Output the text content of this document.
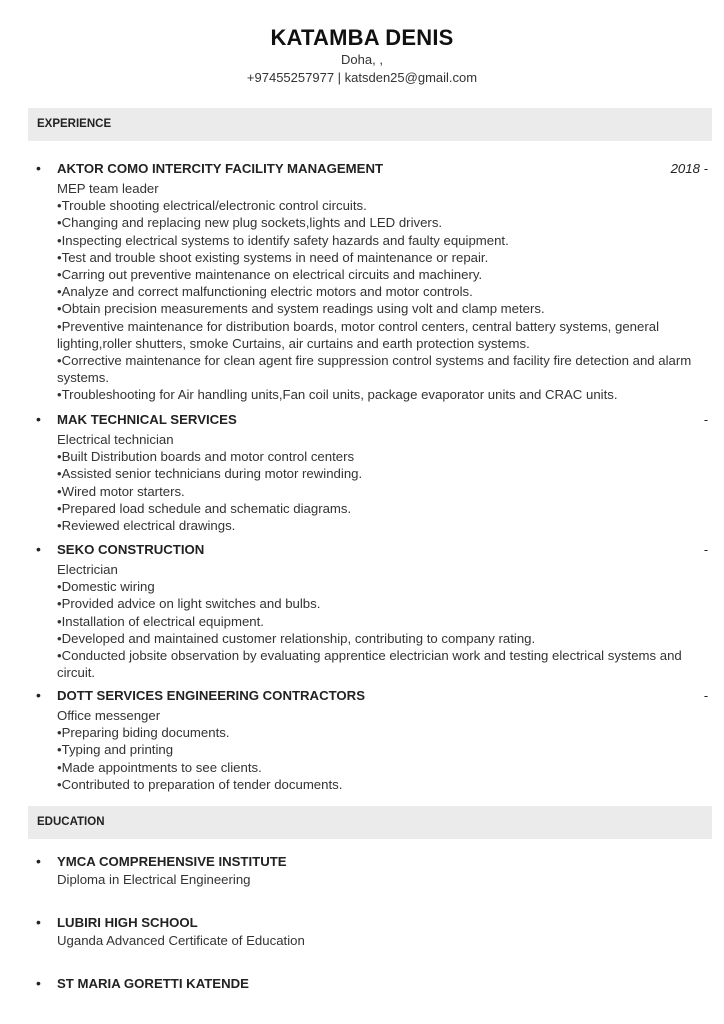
KATAMBA DENIS
Doha, ,
+97455257977 | katsden25@gmail.com
EXPERIENCE
• AKTOR COMO INTERCITY FACILITY MANAGEMENT	2018 -
MEP team leader
•Trouble shooting electrical/electronic control circuits.
•Changing and replacing new plug sockets,lights and LED drivers.
•Inspecting electrical systems to identify safety hazards and faulty equipment.
•Test and trouble shoot existing systems in need of maintenance or repair.
•Carring out preventive maintenance on electrical circuits and machinery.
•Analyze and correct malfunctioning electric motors and motor controls.
•Obtain precision measurements and system readings using volt and clamp meters.
•Preventive maintenance for distribution boards, motor control centers, central battery systems, general lighting,roller shutters, smoke Curtains, air curtains and earth protection systems.
•Corrective maintenance for clean agent fire suppression control systems and facility fire detection and alarm systems.
•Troubleshooting for Air handling units,Fan coil units, package evaporator units and CRAC units.
• MAK TECHNICAL SERVICES	-
Electrical technician
•Built Distribution boards and motor control centers
•Assisted senior technicians during motor rewinding.
•Wired motor starters.
•Prepared load schedule and schematic diagrams.
•Reviewed electrical drawings.
• SEKO CONSTRUCTION	-
Electrician
•Domestic wiring
•Provided advice on light switches and bulbs.
•Installation of electrical equipment.
•Developed and maintained customer relationship, contributing to company rating.
•Conducted jobsite observation by evaluating apprentice electrician work and testing electrical systems and circuit.
• DOTT SERVICES ENGINEERING CONTRACTORS	-
Office messenger
•Preparing biding documents.
•Typing and printing
•Made appointments to see clients.
•Contributed to preparation of tender documents.
EDUCATION
• YMCA COMPREHENSIVE INSTITUTE
Diploma in Electrical Engineering
• LUBIRI HIGH SCHOOL
Uganda Advanced Certificate of Education
• ST MARIA GORETTI KATENDE
